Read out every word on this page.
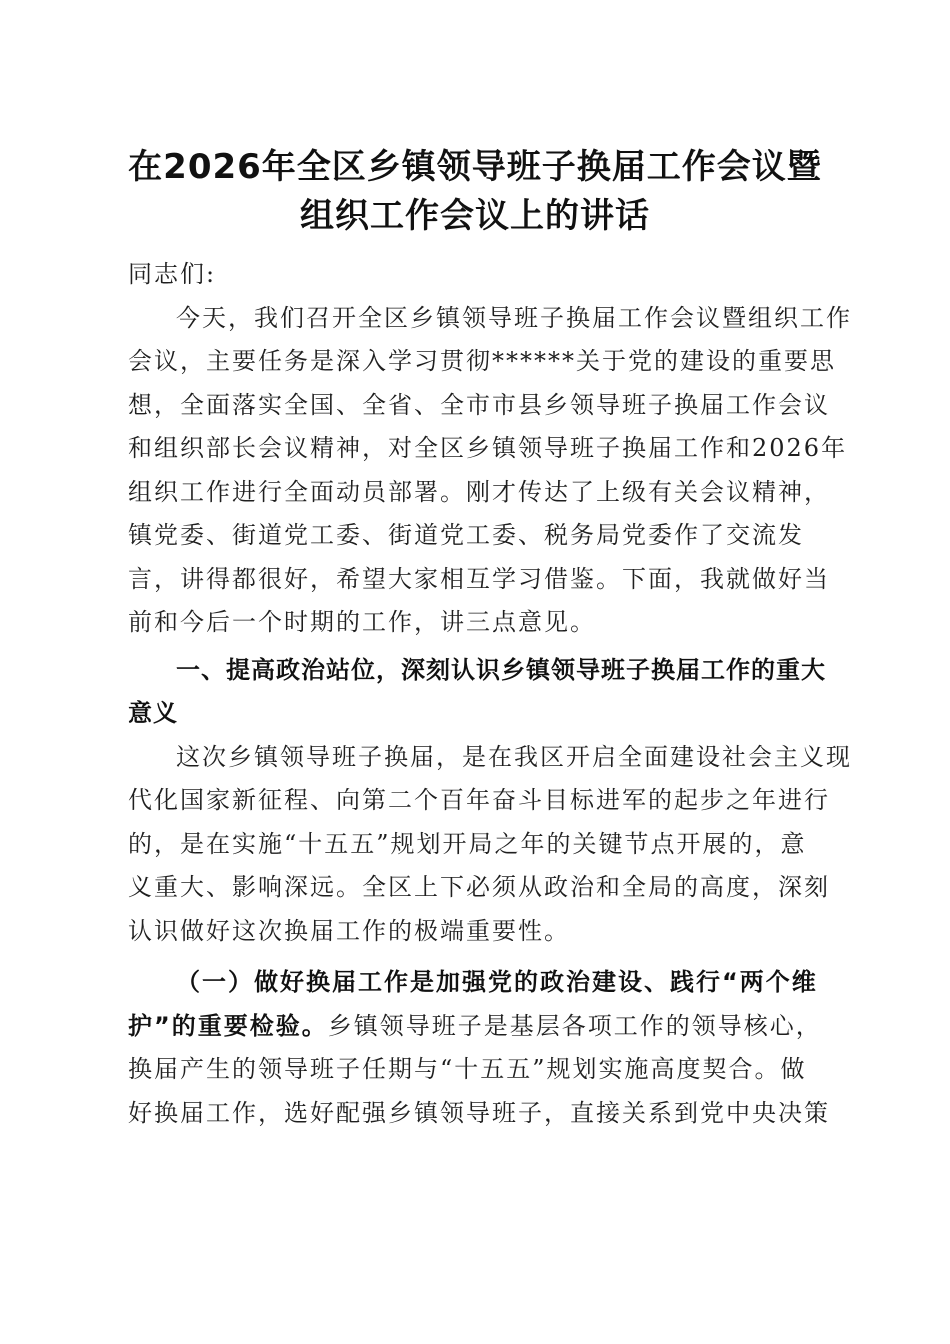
在2026年全区乡镇领导班子换届工作会议暨
组织工作会议上的讲话
同志们:
今天，我们召开全区乡镇领导班子换届工作会议暨组织工作
会议，主要任务是深入学习贯彻******关于党的建设的重要思
想，全面落实全国、全省、全市市县乡领导班子换届工作会议
和组织部长会议精神，对全区乡镇领导班子换届工作和2026年
组织工作进行全面动员部署。刚才传达了上级有关会议精神，
镇党委、街道党工委、街道党工委、税务局党委作了交流发
言，讲得都很好，希望大家相互学习借鉴。下面，我就做好当
前和今后一个时期的工作，讲三点意见。
一、提高政治站位，深刻认识乡镇领导班子换届工作的重大
意义
这次乡镇领导班子换届，是在我区开启全面建设社会主义现
代化国家新征程、向第二个百年奋斗目标进军的起步之年进行
的，是在实施“十五五”规划开局之年的关键节点开展的，意
义重大、影响深远。全区上下必须从政治和全局的高度，深刻
认识做好这次换届工作的极端重要性。
（一）做好换届工作是加强党的政治建设、践行“两个维
护”的重要检验。乡镇领导班子是基层各项工作的领导核心，
换届产生的领导班子任期与“十五五”规划实施高度契合。做
好换届工作，选好配强乡镇领导班子，直接关系到党中央决策
